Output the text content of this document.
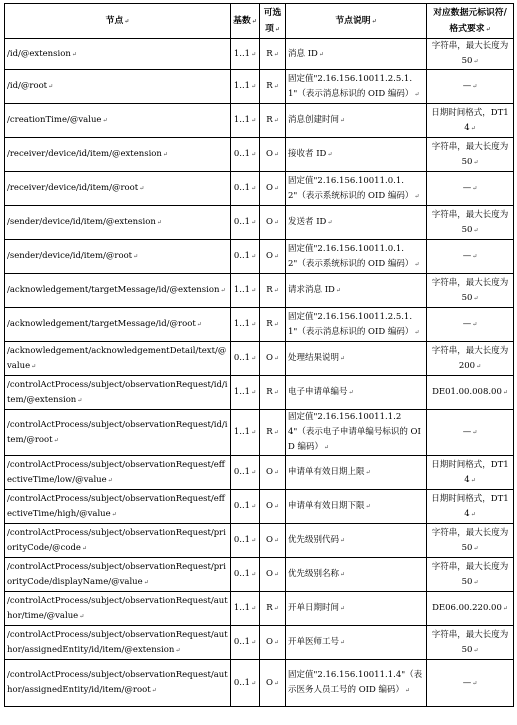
节点↵	基数↵	可选项↵	节点说明↵	对应数据元标识符/格式要求↵
/id/@extension↵	1..1↵	R↵	消息 ID↵	字符串，最大长度为 50↵
/id/@root↵	1..1↵	R↵	固定值"2.16.156.10011.2.5.1.1"（表示消息标识的 OID 编码）↵	—↵
/creationTime/@value↵	1..1↵	R↵	消息创建时间↵	日期时间格式，DT14↵
/receiver/device/id/item/@extension↵	0..1↵	O↵	接收者 ID↵	字符串，最大长度为 50↵
/receiver/device/id/item/@root↵	0..1↵	O↵	固定值"2.16.156.10011.0.1.2"（表示系统标识的 OID 编码）↵	—↵
/sender/device/id/item/@extension↵	0..1↵	O↵	发送者 ID↵	字符串，最大长度为 50↵
/sender/device/id/item/@root↵	0..1↵	O↵	固定值"2.16.156.10011.0.1.2"（表示系统标识的 OID 编码）↵	—↵
/acknowledgement/targetMessage/id/@extension↵	1..1↵	R↵	请求消息 ID↵	字符串，最大长度为 50↵
/acknowledgement/targetMessage/id/@root↵	1..1↵	R↵	固定值"2.16.156.10011.2.5.1.1"（表示消息标识的 OID 编码）↵	—↵
/acknowledgement/acknowledgementDetail/text/@value↵	0..1↵	O↵	处理结果说明↵	字符串，最大长度为 200↵
/controlActProcess/subject/observationRequest/id/item/@extension↵	1..1↵	R↵	电子申请单编号↵	DE01.00.008.00↵
/controlActProcess/subject/observationRequest/id/item/@root↵	1..1↵	R↵	固定值"2.16.156.10011.1.24"（表示电子申请单编号标识的 OID 编码）↵	—↵
/controlActProcess/subject/observationRequest/effectiveTime/low/@value↵	0..1↵	O↵	申请单有效日期上限↵	日期时间格式，DT14↵
/controlActProcess/subject/observationRequest/effectiveTime/high/@value↵	0..1↵	O↵	申请单有效日期下限↵	日期时间格式，DT14↵
/controlActProcess/subject/observationRequest/priorityCode/@code↵	0..1↵	O↵	优先级别代码↵	字符串，最大长度为 50↵
/controlActProcess/subject/observationRequest/priorityCode/displayName/@value↵	0..1↵	O↵	优先级别名称↵	字符串，最大长度为 50↵
/controlActProcess/subject/observationRequest/author/time/@value↵	1..1↵	R↵	开单日期时间↵	DE06.00.220.00↵
/controlActProcess/subject/observationRequest/author/assignedEntity/id/item/@extension↵	0..1↵	O↵	开单医师工号↵	字符串，最大长度为 50↵
/controlActProcess/subject/observationRequest/author/assignedEntity/id/item/@root↵	0..1↵	O↵	固定值"2.16.156.10011.1.4"（表示医务人员工号的 OID 编码）↵	—↵
